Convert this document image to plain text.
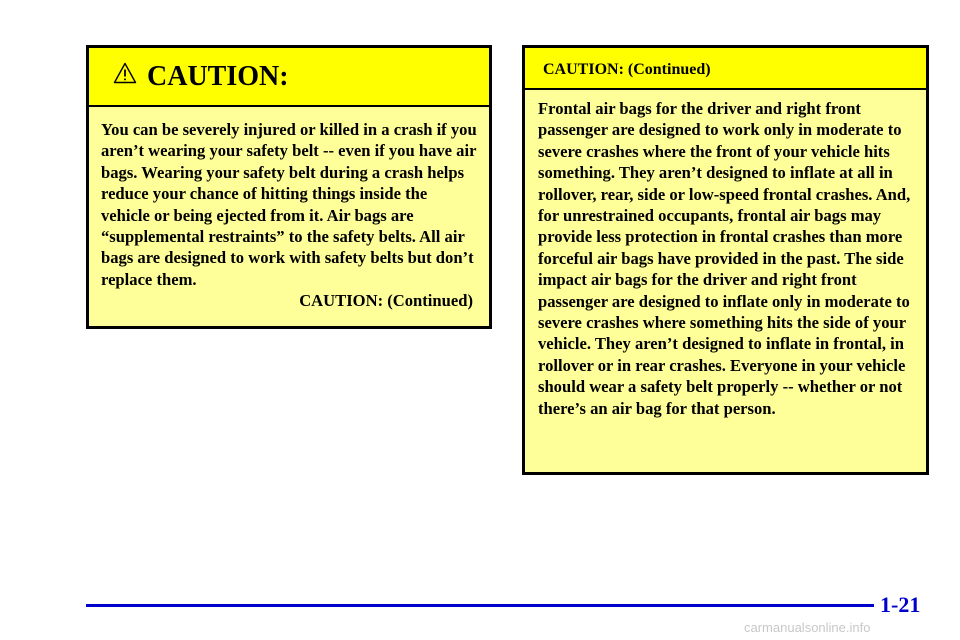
CAUTION:
You can be severely injured or killed in a crash if you aren’t wearing your safety belt -- even if you have air bags. Wearing your safety belt during a crash helps reduce your chance of hitting things inside the vehicle or being ejected from it. Air bags are “supplemental restraints” to the safety belts. All air bags are designed to work with safety belts but don’t replace them.
CAUTION: (Continued)
CAUTION: (Continued)
Frontal air bags for the driver and right front passenger are designed to work only in moderate to severe crashes where the front of your vehicle hits something. They aren’t designed to inflate at all in rollover, rear, side or low-speed frontal crashes. And, for unrestrained occupants, frontal air bags may provide less protection in frontal crashes than more forceful air bags have provided in the past. The side impact air bags for the driver and right front passenger are designed to inflate only in moderate to severe crashes where something hits the side of your vehicle. They aren’t designed to inflate in frontal, in rollover or in rear crashes. Everyone in your vehicle should wear a safety belt properly -- whether or not there’s an air bag for that person.
1-21
carmanualsonline.info
